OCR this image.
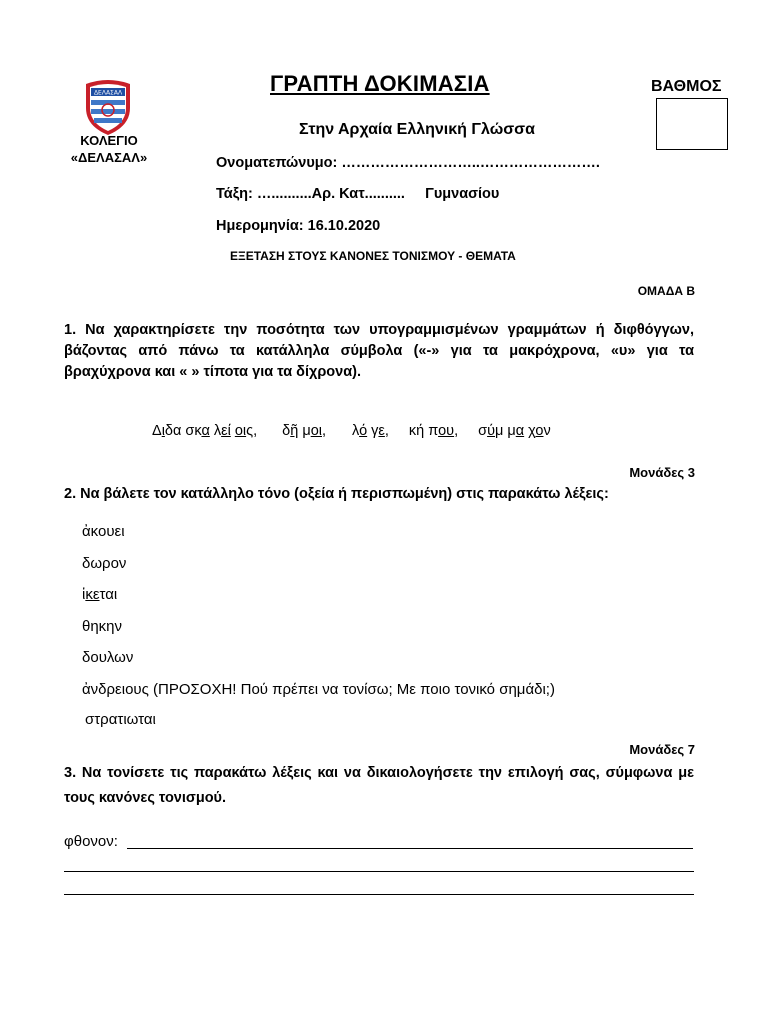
ΔΕΛΑΣΑΛ
ΚΟΛΕΓΙΟ
«ΔΕΛΑΣΑΛ»
ΓΡΑΠΤΗ ΔΟΚΙΜΑΣΙΑ	ΒΑΘΜΟΣ
Στην Αρχαία Ελληνική Γλώσσα
Ονοματεπώνυμο: ………………………..…………………….
Τάξη: …..........Αρ. Κατ..........     Γυμνασίου
Ημερομηνία: 16.10.2020
ΕΞΕΤΑΣΗ ΣΤΟΥΣ ΚΑΝΟΝΕΣ ΤΟΝΙΣΜΟΥ - ΘΕΜΑΤΑ
ΟΜΑΔΑ Β
1. Να χαρακτηρίσετε την ποσότητα των υπογραμμισμένων γραμμάτων ή διφθόγγων, βάζοντας από πάνω τα κατάλληλα σύμβολα («-» για τα μακρόχρονα, «υ» για τα βραχύχρονα και « » τίποτα για τα δίχρονα).
Διδα σκα λεί οις, δῆ μοι, λό γε, κή που, σύμ μα χον
Μονάδες 3
2. Να βάλετε τον κατάλληλο τόνο (οξεία ή περισπωμένη) στις παρακάτω λέξεις:
ἀκουει
δωρον
ἱκεται
θηκην
δουλων
ἀνδρειους (ΠΡΟΣΟΧΗ! Πού πρέπει να τονίσω; Με ποιο τονικό σημάδι;)
στρατιωται
Μονάδες 7
3. Να τονίσετε τις παρακάτω λέξεις και να δικαιολογήσετε την επιλογή σας, σύμφωνα με τους κανόνες τονισμού.
φθονον:
